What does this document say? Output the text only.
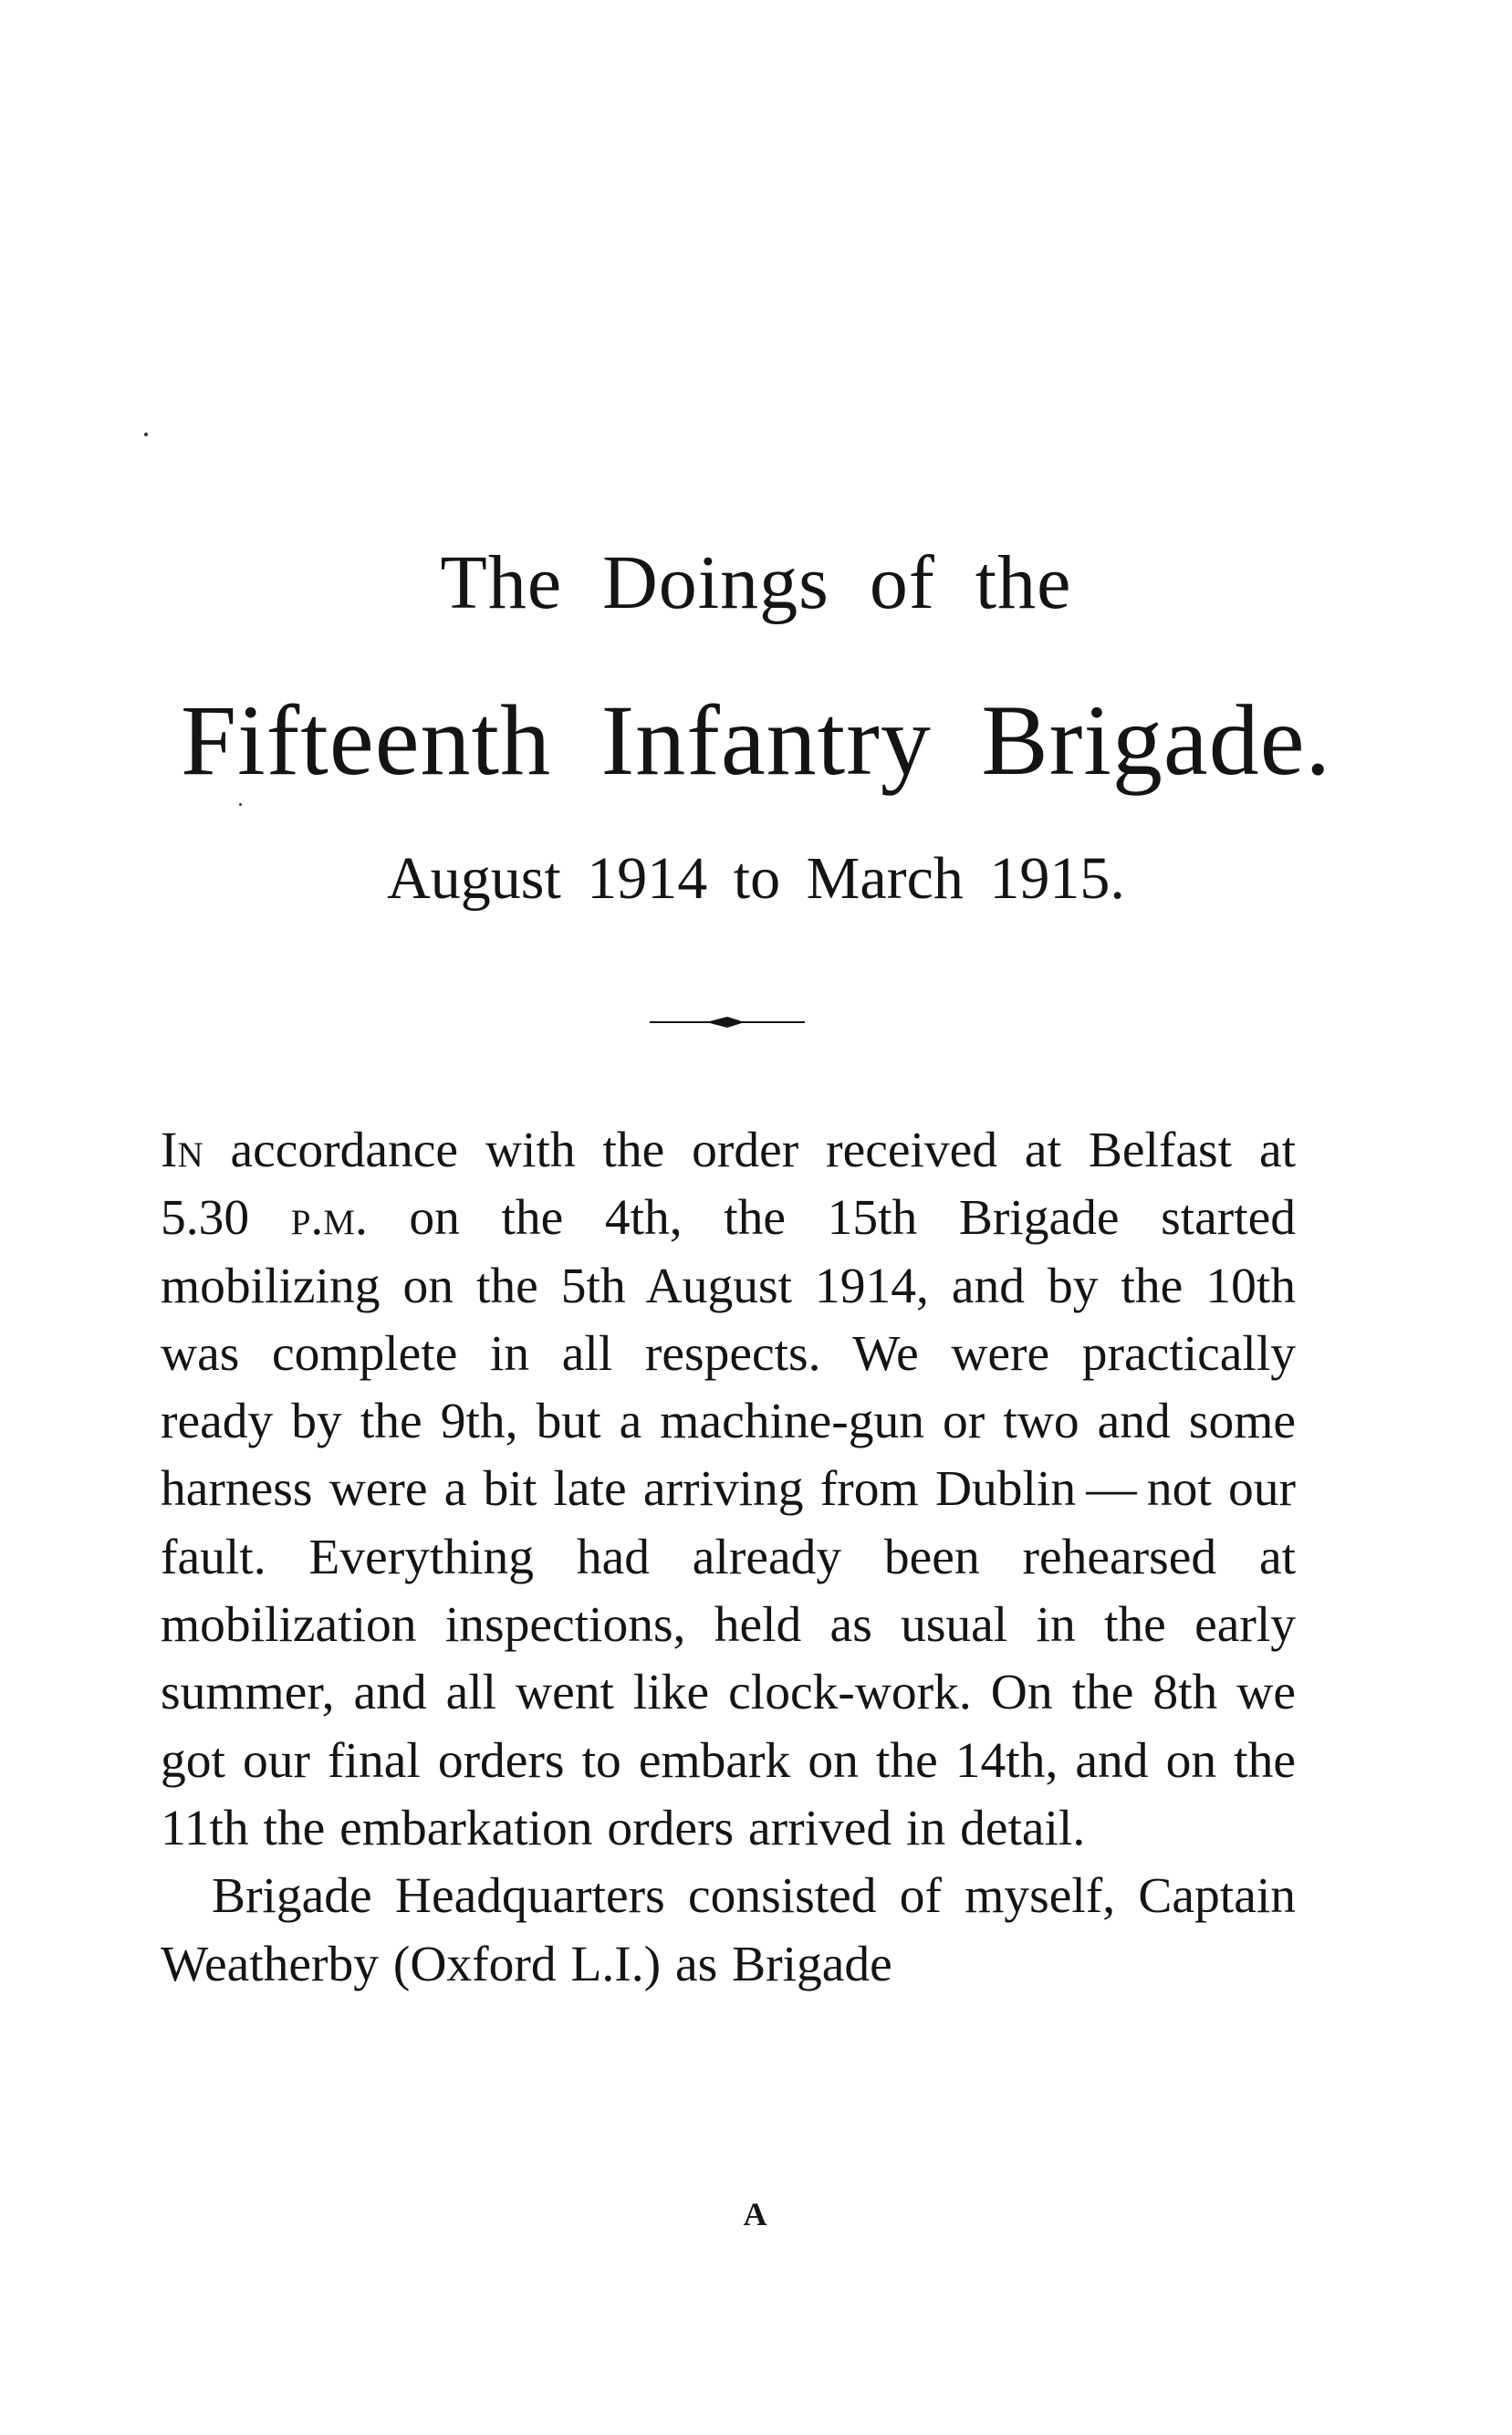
The Doings of the
Fifteenth Infantry Brigade.
August 1914 to March 1915.

In accordance with the order received at Belfast at 5.30 p.m. on the 4th, the 15th Brigade started mobilizing on the 5th August 1914, and by the 10th was complete in all respects. We were practically ready by the 9th, but a machine-gun or two and some harness were a bit late arriving from Dublin — not our fault. Everything had already been rehearsed at mobilization inspections, held as usual in the early summer, and all went like clock-work. On the 8th we got our final orders to embark on the 14th, and on the 11th the embarkation orders arrived in detail.

Brigade Headquarters consisted of myself, Captain Weatherby (Oxford L.I.) as Brigade

A
